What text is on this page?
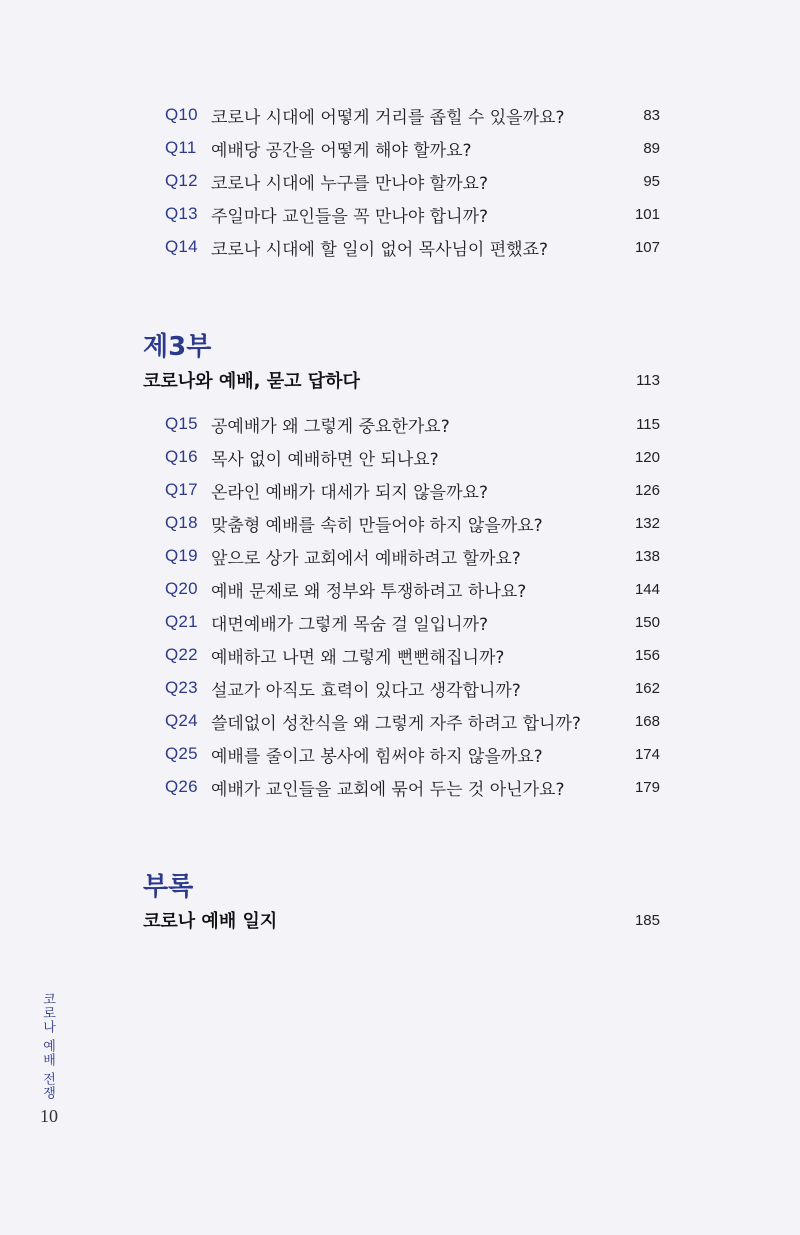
Q10 코로나 시대에 어떻게 거리를 좁힐 수 있을까요?	83
Q11 예배당 공간을 어떻게 해야 할까요?	89
Q12 코로나 시대에 누구를 만나야 할까요?	95
Q13 주일마다 교인들을 꼭 만나야 합니까?	101
Q14 코로나 시대에 할 일이 없어 목사님이 편했죠?	107
제3부
코로나와 예배, 묻고 답하다	113
Q15 공예배가 왜 그렇게 중요한가요?	115
Q16 목사 없이 예배하면 안 되나요?	120
Q17 온라인 예배가 대세가 되지 않을까요?	126
Q18 맞춤형 예배를 속히 만들어야 하지 않을까요?	132
Q19 앞으로 상가 교회에서 예배하려고 할까요?	138
Q20 예배 문제로 왜 정부와 투쟁하려고 하나요?	144
Q21 대면예배가 그렇게 목숨 걸 일입니까?	150
Q22 예배하고 나면 왜 그렇게 뻔뻔해집니까?	156
Q23 설교가 아직도 효력이 있다고 생각합니까?	162
Q24 쓸데없이 성찬식을 왜 그렇게 자주 하려고 합니까?	168
Q25 예배를 줄이고 봉사에 힘써야 하지 않을까요?	174
Q26 예배가 교인들을 교회에 묶어 두는 것 아닌가요?	179
부록
코로나 예배 일지	185
코로나 예배 전쟁
10
